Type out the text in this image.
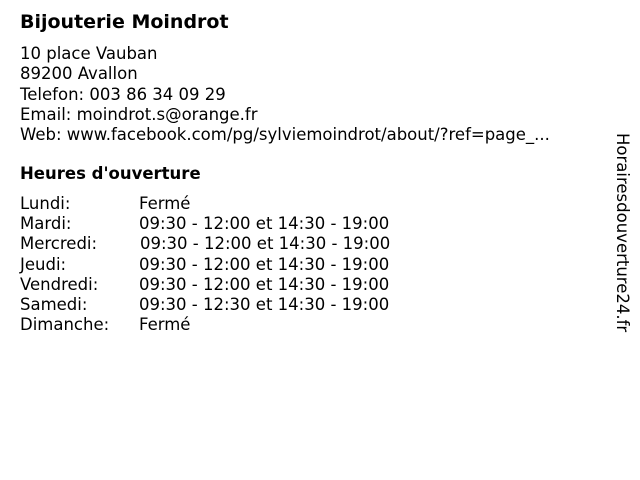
Bijouterie Moindrot
10 place Vauban
89200 Avallon
Telefon: 003 86 34 09 29
Email: moindrot.s@orange.fr
Web: www.facebook.com/pg/sylviemoindrot/about/?ref=page_...
Heures d'ouverture
Lundi:	Fermé
Mardi:	09:30 - 12:00 et 14:30 - 19:00
Mercredi:	09:30 - 12:00 et 14:30 - 19:00
Jeudi:	09:30 - 12:00 et 14:30 - 19:00
Vendredi: 09:30 - 12:00 et 14:30 - 19:00
Samedi:	09:30 - 12:30 et 14:30 - 19:00
Dimanche: Fermé	Horairesdouverture24.fr
